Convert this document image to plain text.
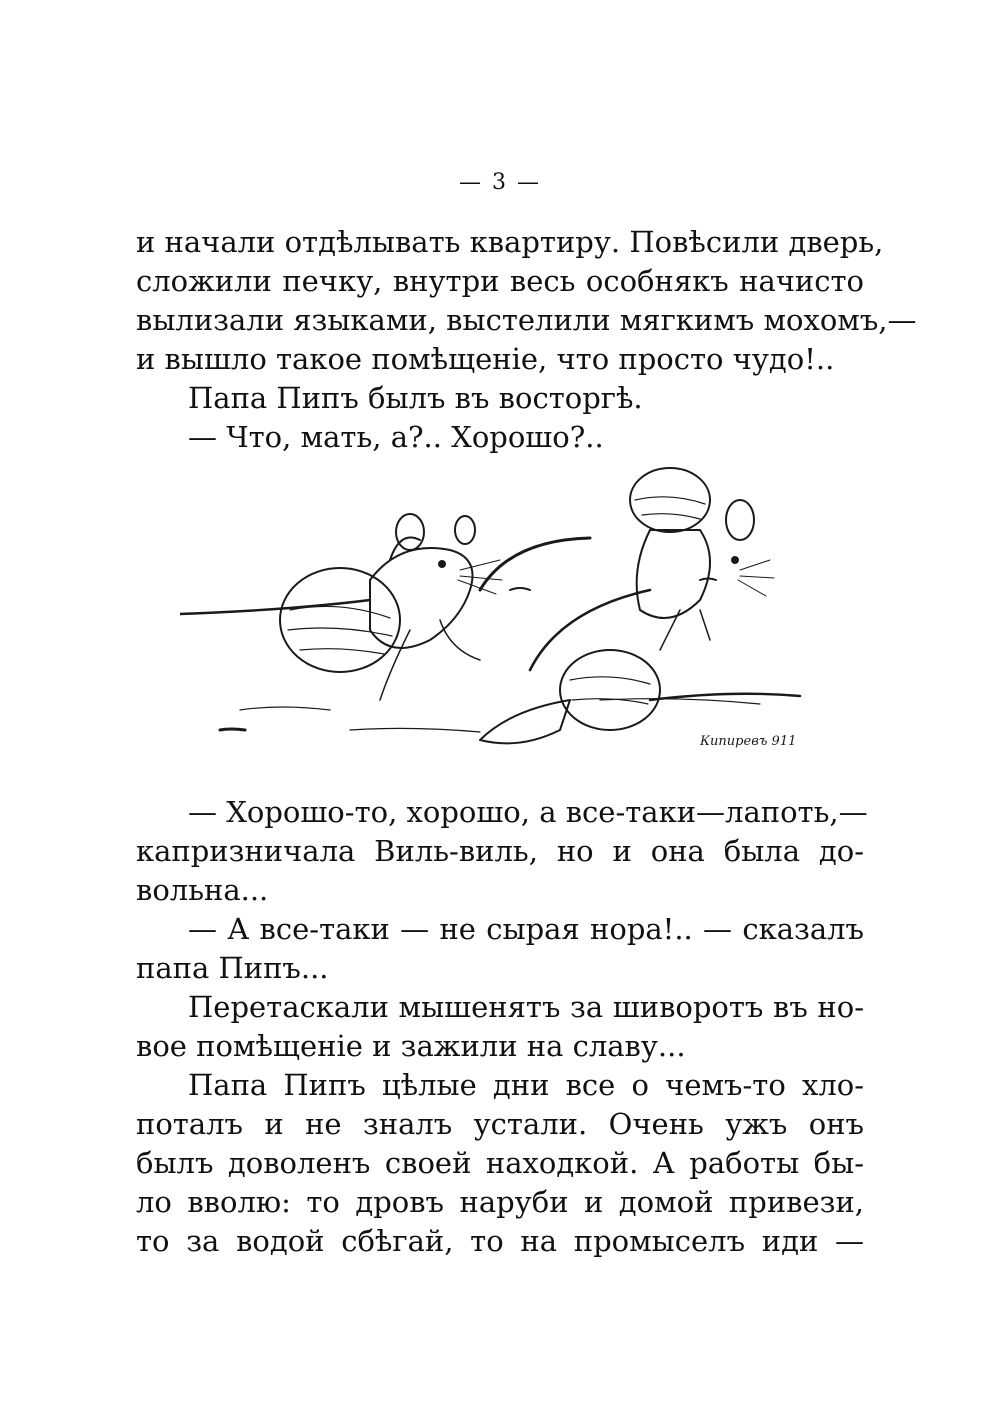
— 3 —
и начали отдѣлывать квартиру. Повѣсили дверь,
сложили печку, внутри весь особнякъ начисто
вылизали языками, выстелили мягкимъ мохомъ,—
и вышло такое помѣщеніе, что просто чудо!..
Папа Пипъ былъ въ восторгѣ.
— Что, мать, а?.. Хорошо?..
Кипиревъ 911
— Хорошо-то, хорошо, а все-таки—лапоть,—
капризничала Виль-виль, но и она была до-
вольна...
— А все-таки — не сырая нора!.. — сказалъ
папа Пипъ...
Перетаскали мышенятъ за шиворотъ въ но-
вое помѣщеніе и зажили на славу...
Папа Пипъ цѣлые дни все о чемъ-то хло-
поталъ и не зналъ устали. Очень ужъ онъ
былъ доволенъ своей находкой. А работы бы-
ло вволю: то дровъ наруби и домой привези,
то за водой сбѣгай, то на промыселъ иди —
